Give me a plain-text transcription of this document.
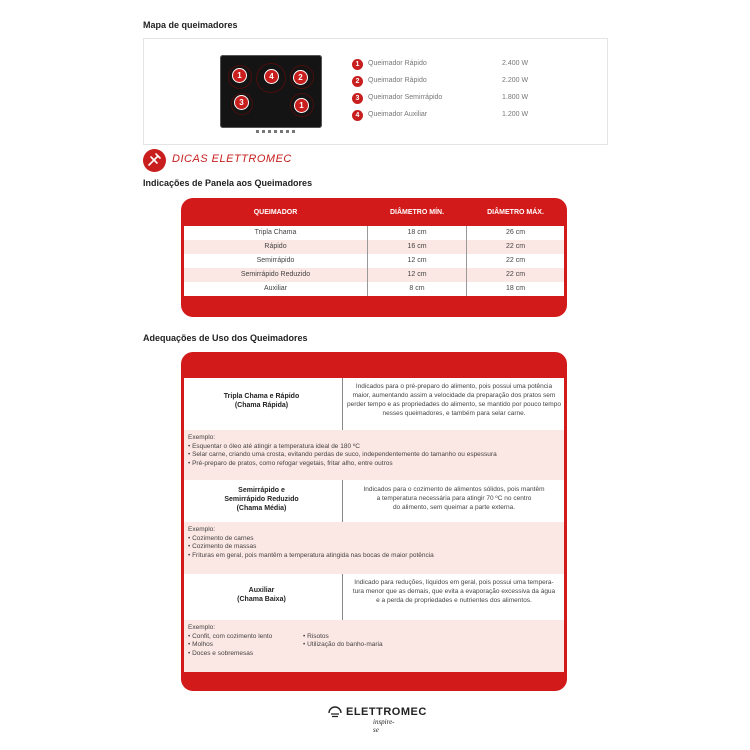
Mapa de queimadores
1	4	2
3	1
1	Queimador Rápido	2.400 W
2	Queimador Rápido	2.200 W
3	Queimador Semirrápido	1.800 W
4	Queimador Auxiliar	1.200 W
DICAS ELETTROMEC
Indicações de Panela aos Queimadores
QUEIMADOR	DIÂMETRO MÍN.	DIÂMETRO MÁX.
Tripla Chama	18 cm	26 cm
Rápido	16 cm	22 cm
Semirrápido	12 cm	22 cm
Semirrápido Reduzido	12 cm	22 cm
Auxiliar	8 cm	18 cm
Adequações de Uso dos Queimadores
Tripla Chama e Rápido
(Chama Rápida)
Indicados para o pré-preparo do alimento, pois possui uma potência
maior, aumentando assim a velocidade da preparação dos pratos sem
perder tempo e as propriedades do alimento, se mantido por pouco tempo
nesses queimadores, e também para selar carne.
Exemplo:
• Esquentar o óleo até atingir a temperatura ideal de 180 ºC
• Selar carne, criando uma crosta, evitando perdas de suco, independentemente do tamanho ou espessura
• Pré-preparo de pratos, como refogar vegetais, fritar alho, entre outros
Semirrápido e
Semirrápido Reduzido
(Chama Média)
Indicados para o cozimento de alimentos sólidos, pois mantêm
a temperatura necessária para atingir 70 ºC no centro
do alimento, sem queimar a parte externa.
Exemplo:
• Cozimento de carnes
• Cozimento de massas
• Frituras em geral, pois mantêm a temperatura atingida nas bocas de maior potência
Auxiliar
(Chama Baixa)
Indicado para reduções, líquidos em geral, pois possui uma tempera-
tura menor que as demais, que evita a evaporação excessiva da água
e a perda de propriedades e nutrientes dos alimentos.
Exemplo:
• Confit, com cozimento lento
• Molhos
• Doces e sobremesas
• Risotos
• Utilização do banho-maria
ELETTROMEC
inspire-se
